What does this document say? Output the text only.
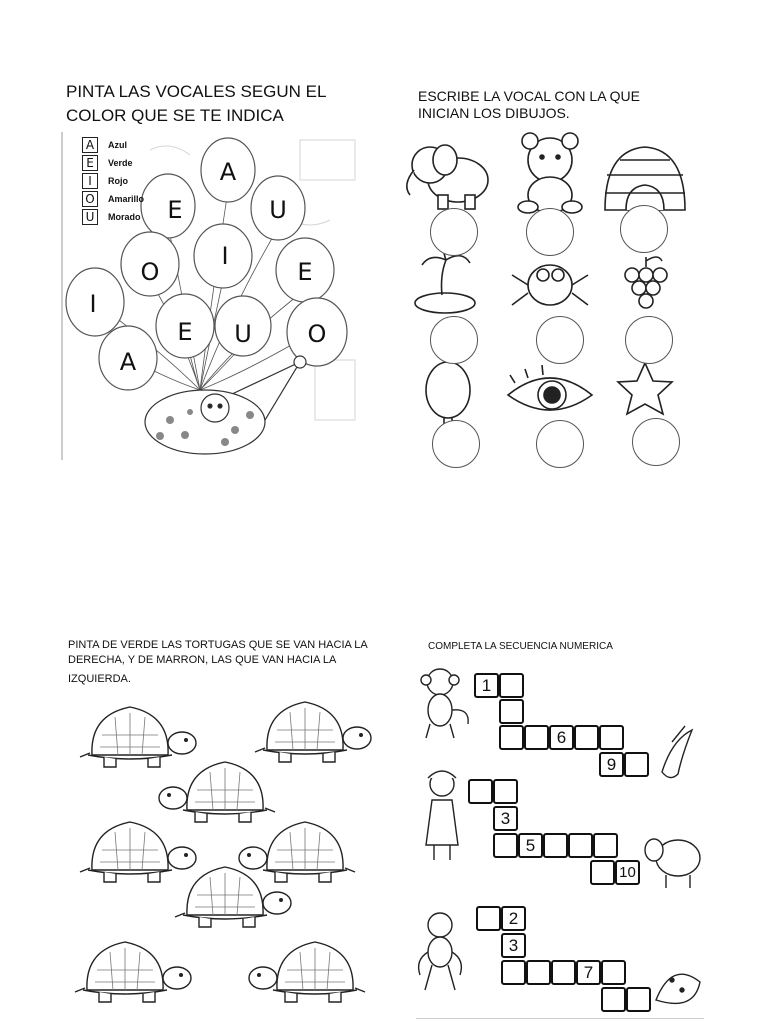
PINTA LAS VOCALES SEGUN EL
COLOR QUE SE TE INDICA
A
E	U
O
I
E
I
E U O
A
A	Azul
E	Verde
I	Rojo
O	Amarillo
U	Morado
ESCRIBE LA VOCAL CON LA QUE
INICIAN LOS DIBUJOS.
PINTA DE VERDE LAS TORTUGAS QUE SE VAN HACIA LA
DERECHA, Y DE MARRON, LAS QUE VAN HACIA LA
IZQUIERDA.
COMPLETA LA SECUENCIA NUMERICA
1
6
9
3
5
10
2
3
7
